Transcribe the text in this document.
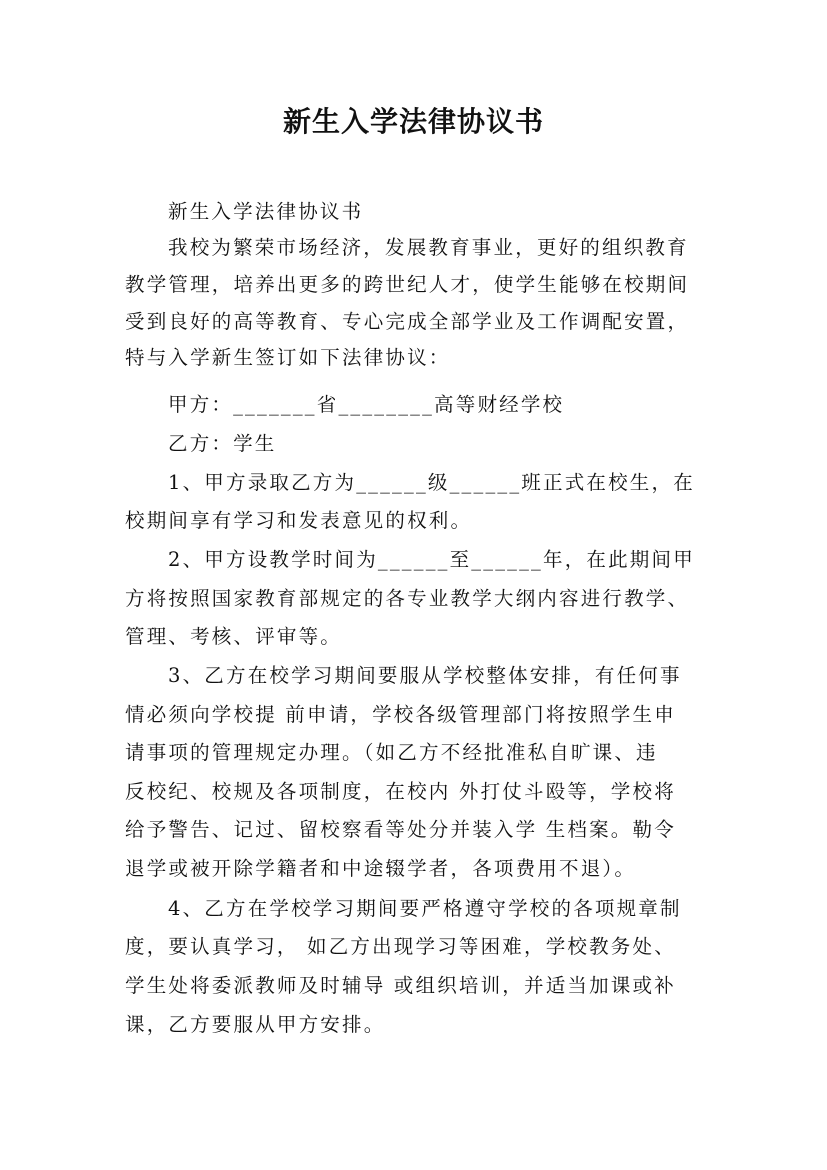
新生入学法律协议书
新生入学法律协议书
我校为繁荣市场经济，发展教育事业，更好的组织教育
教学管理，培养出更多的跨世纪人才，使学生能够在校期间
受到良好的高等教育、专心完成全部学业及工作调配安置，
特与入学新生签订如下法律协议：
甲方：_______省________高等财经学校
乙方：学生
1、甲方录取乙方为______级______班正式在校生，在
校期间享有学习和发表意见的权利。
2、甲方设教学时间为______至______年，在此期间甲
方将按照国家教育部规定的各专业教学大纲内容进行教学、
管理、考核、评审等。
3、乙方在校学习期间要服从学校整体安排，有任何事
情必须向学校提 前申请，学校各级管理部门将按照学生申
请事项的管理规定办理。（如乙方不经批准私自旷课、违
反校纪、校规及各项制度，在校内 外打仗斗殴等，学校将
给予警告、记过、留校察看等处分并装入学 生档案。勒令
退学或被开除学籍者和中途辍学者，各项费用不退）。
4、乙方在学校学习期间要严格遵守学校的各项规章制
度，要认真学习， 如乙方出现学习等困难，学校教务处、
学生处将委派教师及时辅导 或组织培训，并适当加课或补
课，乙方要服从甲方安排。
